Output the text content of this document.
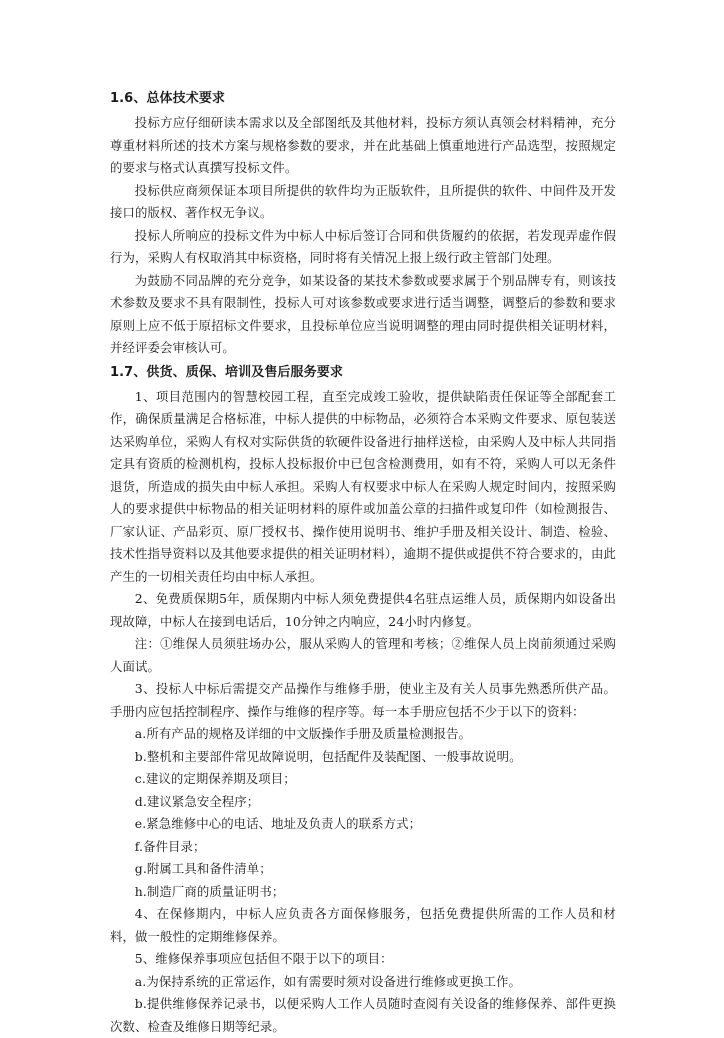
1.6、总体技术要求

投标方应仔细研读本需求以及全部图纸及其他材料，投标方须认真领会材料精神，充分尊重材料所述的技术方案与规格参数的要求，并在此基础上慎重地进行产品选型，按照规定的要求与格式认真撰写投标文件。

投标供应商须保证本项目所提供的软件均为正版软件，且所提供的软件、中间件及开发接口的版权、著作权无争议。

投标人所响应的投标文件为中标人中标后签订合同和供货履约的依据，若发现弄虚作假行为，采购人有权取消其中标资格，同时将有关情况上报上级行政主管部门处理。

为鼓励不同品牌的充分竞争，如某设备的某技术参数或要求属于个别品牌专有，则该技术参数及要求不具有限制性，投标人可对该参数或要求进行适当调整，调整后的参数和要求原则上应不低于原招标文件要求，且投标单位应当说明调整的理由同时提供相关证明材料，并经评委会审核认可。

1.7、供货、质保、培训及售后服务要求

1、项目范围内的智慧校园工程，直至完成竣工验收，提供缺陷责任保证等全部配套工作，确保质量满足合格标准，中标人提供的中标物品，必须符合本采购文件要求、原包装送达采购单位，采购人有权对实际供货的软硬件设备进行抽样送检，由采购人及中标人共同指定具有资质的检测机构，投标人投标报价中已包含检测费用，如有不符，采购人可以无条件退货，所造成的损失由中标人承担。采购人有权要求中标人在采购人规定时间内，按照采购人的要求提供中标物品的相关证明材料的原件或加盖公章的扫描件或复印件（如检测报告、厂家认证、产品彩页、原厂授权书、操作使用说明书、维护手册及相关设计、制造、检验、技术性指导资料以及其他要求提供的相关证明材料），逾期不提供或提供不符合要求的，由此产生的一切相关责任均由中标人承担。

2、免费质保期5年，质保期内中标人须免费提供4名驻点运维人员，质保期内如设备出现故障，中标人在接到电话后，10分钟之内响应，24小时内修复。

注：①维保人员须驻场办公，服从采购人的管理和考核；②维保人员上岗前须通过采购人面试。

3、投标人中标后需提交产品操作与维修手册，使业主及有关人员事先熟悉所供产品。手册内应包括控制程序、操作与维修的程序等。每一本手册应包括不少于以下的资料：

a.所有产品的规格及详细的中文版操作手册及质量检测报告。

b.整机和主要部件常见故障说明，包括配件及装配图、一般事故说明。

c.建议的定期保养期及项目；

d.建议紧急安全程序；

e.紧急维修中心的电话、地址及负责人的联系方式；

f.备件目录；

g.附属工具和备件清单；

h.制造厂商的质量证明书；

4、在保修期内，中标人应负责各方面保修服务，包括免费提供所需的工作人员和材料，做一般性的定期维修保养。

5、维修保养事项应包括但不限于以下的项目：

a.为保持系统的正常运作，如有需要时须对设备进行维修或更换工作。

b.提供维修保养记录书，以便采购人工作人员随时查阅有关设备的维修保养、部件更换次数、检查及维修日期等纪录。
